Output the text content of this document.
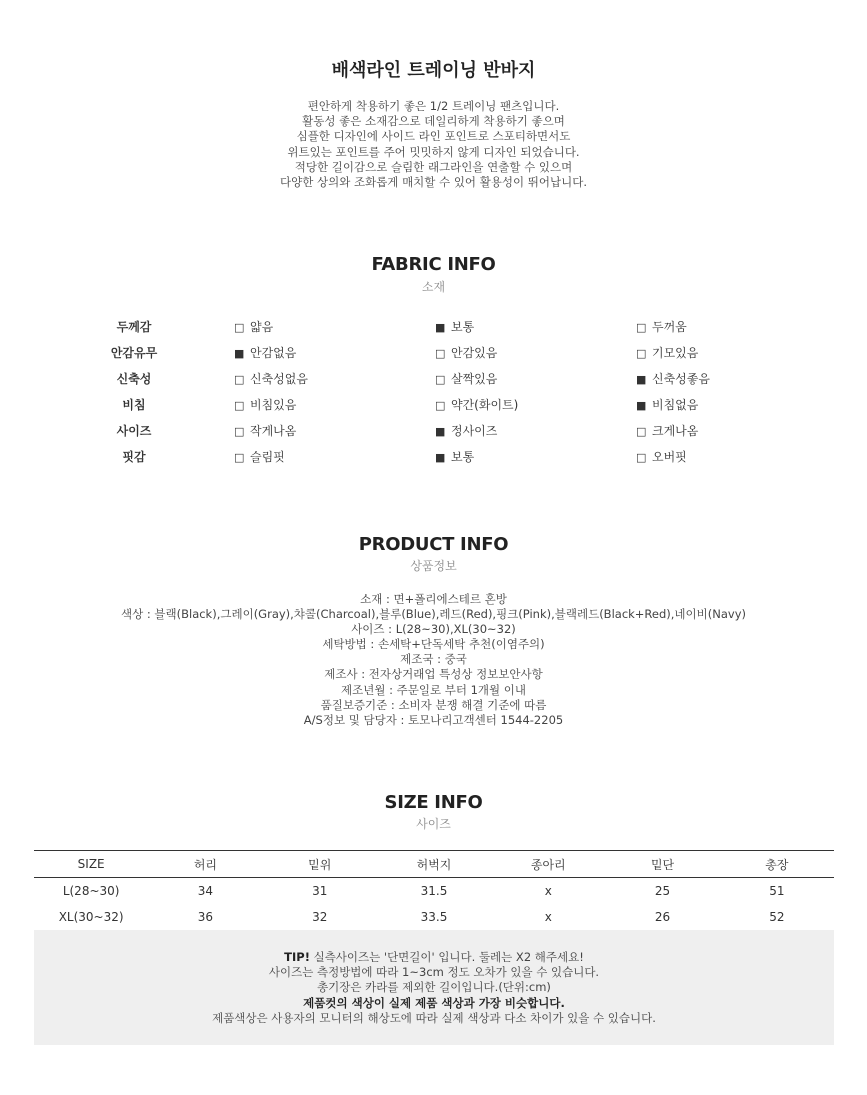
배색라인 트레이닝 반바지
편안하게 착용하기 좋은 1/2 트레이닝 팬츠입니다.
활동성 좋은 소재감으로 데일리하게 착용하기 좋으며
심플한 디자인에 사이드 라인 포인트로 스포티하면서도
위트있는 포인트를 주어 밋밋하지 않게 디자인 되었습니다.
적당한 길이감으로 슬림한 래그라인을 연출할 수 있으며
다양한 상의와 조화롭게 매치할 수 있어 활용성이 뛰어납니다.
FABRIC INFO
소재
두께감	□ 얇음	■ 보통	□ 두꺼움
안감유무	■ 안감없음	□ 안감있음	□ 기모있음
신축성	□ 신축성없음	□ 살짝있음	■ 신축성좋음
비침	□ 비침있음	□ 약간(화이트)	■ 비침없음
사이즈	□ 작게나옴	■ 정사이즈	□ 크게나옴
핏감	□ 슬림핏	■ 보통	□ 오버핏
PRODUCT INFO
상품정보
소재 : 면+폴리에스테르 혼방
색상 : 블랙(Black),그레이(Gray),챠콜(Charcoal),블루(Blue),레드(Red),핑크(Pink),블랙레드(Black+Red),네이비(Navy)
사이즈 : L(28~30),XL(30~32)
세탁방법 : 손세탁+단독세탁 추천(이염주의)
제조국 : 중국
제조사 : 전자상거래업 특성상 정보보안사항
제조년월 : 주문일로 부터 1개월 이내
품질보증기준 : 소비자 분쟁 해결 기준에 따름
A/S정보 및 담당자 : 토모나리고객센터 1544-2205
SIZE INFO
사이즈
SIZE	허리	밑위	허벅지	종아리	밑단	총장
L(28~30)	34	31	31.5	x	25	51
XL(30~32)	36	32	33.5	x	26	52
TIP! 실측사이즈는 '단면길이' 입니다. 둘레는 X2 해주세요!
사이즈는 측정방법에 따라 1~3cm 정도 오차가 있을 수 있습니다.
총기장은 카라를 제외한 길이입니다.(단위:cm)
제품컷의 색상이 실제 제품 색상과 가장 비슷합니다.
제품색상은 사용자의 모니터의 해상도에 따라 실제 색상과 다소 차이가 있을 수 있습니다.
